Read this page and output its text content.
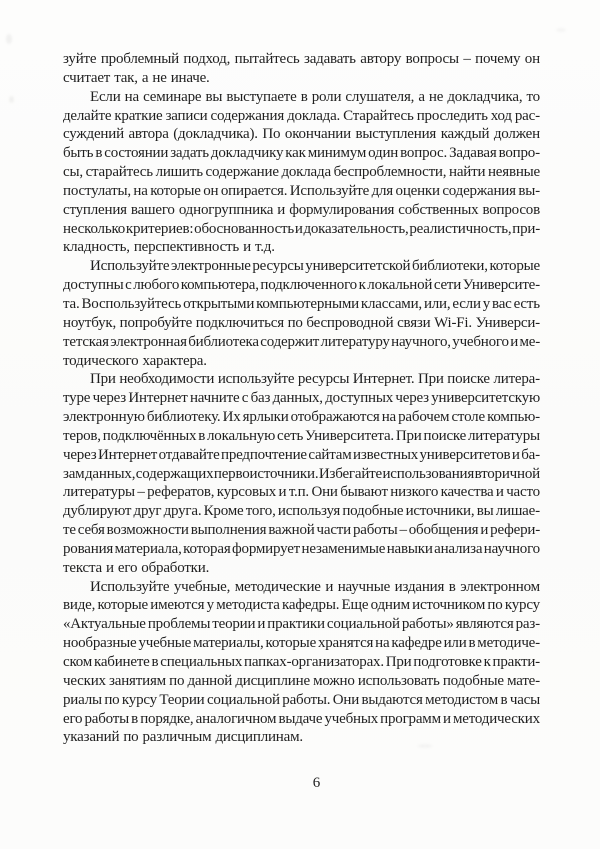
зуйте проблемный подход, пытайтесь задавать автору вопросы – почему он
считает так, а не иначе.
Если на семинаре вы выступаете в роли слушателя, а не докладчика, то
делайте краткие записи содержания доклада. Старайтесь проследить ход рас-
суждений автора (докладчика). По окончании выступления каждый должен
быть в состоянии задать докладчику как минимум один вопрос. Задавая вопро-
сы, старайтесь лишить содержание доклада беспроблемности, найти неявные
постулаты, на которые он опирается. Используйте для оценки содержания вы-
ступления вашего одногруппника и формулирования собственных вопросов
несколько критериев: обоснованность и доказательность, реалистичность, при-
кладность, перспективность и т.д.
Используйте электронные ресурсы университетской библиотеки, которые
доступны с любого компьютера, подключенного к локальной сети Университе-
та. Воспользуйтесь открытыми компьютерными классами, или, если у вас есть
ноутбук, попробуйте подключиться по беспроводной связи Wi-Fi. Универси-
тетская электронная библиотека содержит литературу научного, учебного и ме-
тодического характера.
При необходимости используйте ресурсы Интернет. При поиске литера-
туре через Интернет начните с баз данных, доступных через университетскую
электронную библиотеку. Их ярлыки отображаются на рабочем столе компью-
теров, подключённых в локальную сеть Университета. При поиске литературы
через Интернет отдавайте предпочтение сайтам известных университетов и ба-
зам данных, содержащих первоисточники. Избегайте использования вторичной
литературы – рефератов, курсовых и т.п. Они бывают низкого качества и часто
дублируют друг друга. Кроме того, используя подобные источники, вы лишае-
те себя возможности выполнения важной части работы – обобщения и рефери-
рования материала, которая формирует незаменимые навыки анализа научного
текста и его обработки.
Используйте учебные, методические и научные издания в электронном
виде, которые имеются у методиста кафедры. Еще одним источником по курсу
«Актуальные проблемы теории и практики социальной работы» являются раз-
нообразные учебные материалы, которые хранятся на кафедре или в методиче-
ском кабинете в специальных папках-организаторах. При подготовке к практи-
ческих занятиям по данной дисциплине можно использовать подобные мате-
риалы по курсу Теории социальной работы. Они выдаются методистом в часы
его работы в порядке, аналогичном выдаче учебных программ и методических
указаний по различным дисциплинам.
6
